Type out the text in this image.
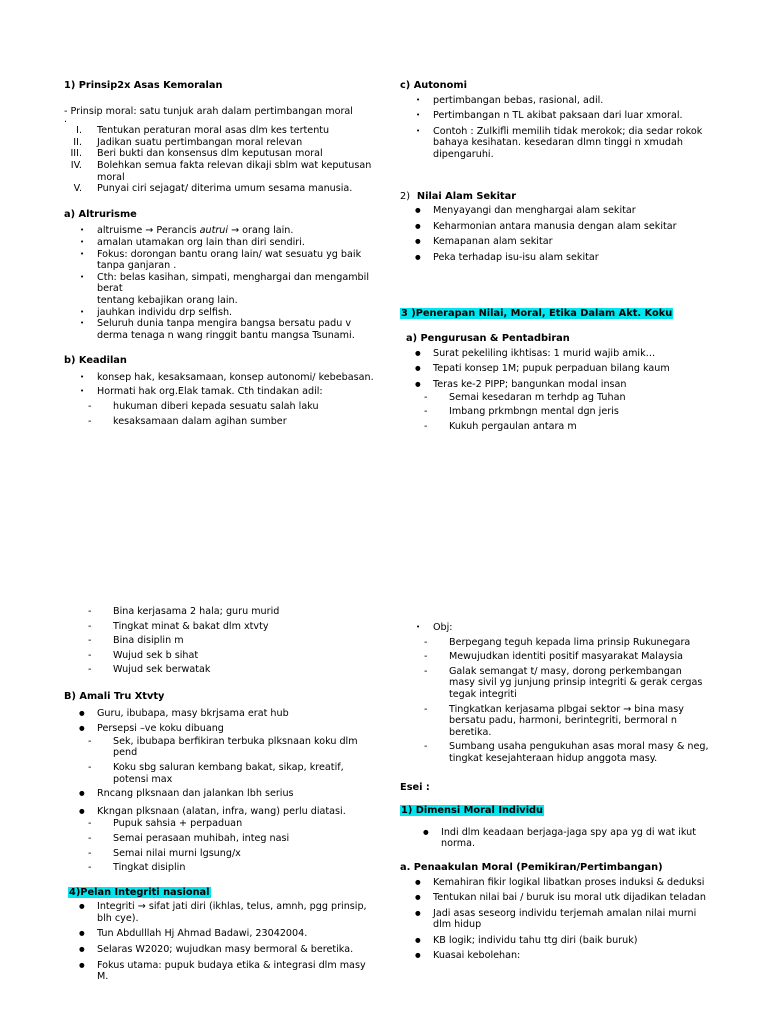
1) Prinsip2x Asas Kemoralan

- Prinsip moral: satu tunjuk arah dalam pertimbangan moral

.

I. Tentukan peraturan moral asas dlm kes tertentu
II. Jadikan suatu pertimbangan moral relevan
III. Beri bukti dan konsensus dlm keputusan moral
IV. Bolehkan semua fakta relevan dikaji sblm wat keputusan moral
V. Punyai ciri sejagat/ diterima umum sesama manusia.
a) Altrurisme
• altruisme → Perancis autrui → orang lain.
• amalan utamakan org lain than diri sendiri.
• Fokus: dorongan bantu orang lain/ wat sesuatu yg baik tanpa ganjaran .
• Cth: belas kasihan, simpati, menghargai dan mengambil berat

tentang kebajikan orang lain.

• jauhkan individu drp selfish.
• Seluruh dunia tanpa mengira bangsa bersatu padu v derma tenaga n wang ringgit bantu mangsa Tsunami.
b) Keadilan
• konsep hak, kesaksamaan, konsep autonomi/ kebebasan.
• Hormati hak org.Elak tamak. Cth tindakan adil:
- hukuman diberi kepada sesuatu salah laku
- kesaksamaan dalam agihan sumber
c) Autonomi
• pertimbangan bebas, rasional, adil.
• Pertimbangan n TL akibat paksaan dari luar xmoral.
• Contoh : Zulkifli memilih tidak merokok; dia sedar rokok bahaya kesihatan. kesedaran dlmn tinggi n xmudah dipengaruhi.
2) Nilai Alam Sekitar
● Menyayangi dan menghargai alam sekitar
● Keharmonian antara manusia dengan alam sekitar
● Kemapanan alam sekitar
● Peka terhadap isu-isu alam sekitar
3 )Penerapan Nilai, Moral, Etika Dalam Akt. Koku
a) Pengurusan & Pentadbiran
● Surat pekeliling ikhtisas: 1 murid wajib amik…
● Tepati konsep 1M; pupuk perpaduan bilang kaum
● Teras ke-2 PIPP; bangunkan modal insan
- Semai kesedaran m terhdp ag Tuhan
- Imbang prkmbngn mental dgn jeris
- Kukuh pergaulan antara m
- Bina kerjasama 2 hala; guru murid
- Tingkat minat & bakat dlm xtvty
- Bina disiplin m
- Wujud sek b sihat
- Wujud sek berwatak
B) Amali Tru Xtvty
● Guru, ibubapa, masy bkrjsama erat hub
● Persepsi –ve koku dibuang
- Sek, ibubapa berfikiran terbuka plksnaan koku dlm pend
- Koku sbg saluran kembang bakat, sikap, kreatif, potensi max
● Rncang plksnaan dan jalankan lbh serius
● Kkngan plksnaan (alatan, infra, wang) perlu diatasi.
- Pupuk sahsia + perpaduan
- Semai perasaan muhibah, integ nasi
- Semai nilai murni lgsung/x
- Tingkat disiplin
4)Pelan Integriti nasional
● Integriti → sifat jati diri (ikhlas, telus, amnh, pgg prinsip, blh cye).
● Tun Abdulllah Hj Ahmad Badawi, 23042004.
● Selaras W2020; wujudkan masy bermoral & beretika.
● Fokus utama: pupuk budaya etika & integrasi dlm masy M.
• Obj:
- Berpegang teguh kepada lima prinsip Rukunegara
- Mewujudkan identiti positif masyarakat Malaysia
- Galak semangat t/ masy, dorong perkembangan masy sivil yg junjung prinsip integriti & gerak cergas tegak integriti
- Tingkatkan kerjasama plbgai sektor → bina masy bersatu padu, harmoni, berintegriti, bermoral n beretika.
- Sumbang usaha pengukuhan asas moral masy & neg, tingkat kesejahteraan hidup anggota masy.
Esei :
1) Dimensi Moral Individu
● Indi dlm keadaan berjaga-jaga spy apa yg di wat ikut norma.
a. Penaakulan Moral (Pemikiran/Pertimbangan)
● Kemahiran fikir logikal libatkan proses induksi & deduksi
● Tentukan nilai bai / buruk isu moral utk dijadikan teladan
● Jadi asas seseorg individu terjemah amalan nilai murni dlm hidup
● KB logik; individu tahu ttg diri (baik buruk)
● Kuasai kebolehan:
